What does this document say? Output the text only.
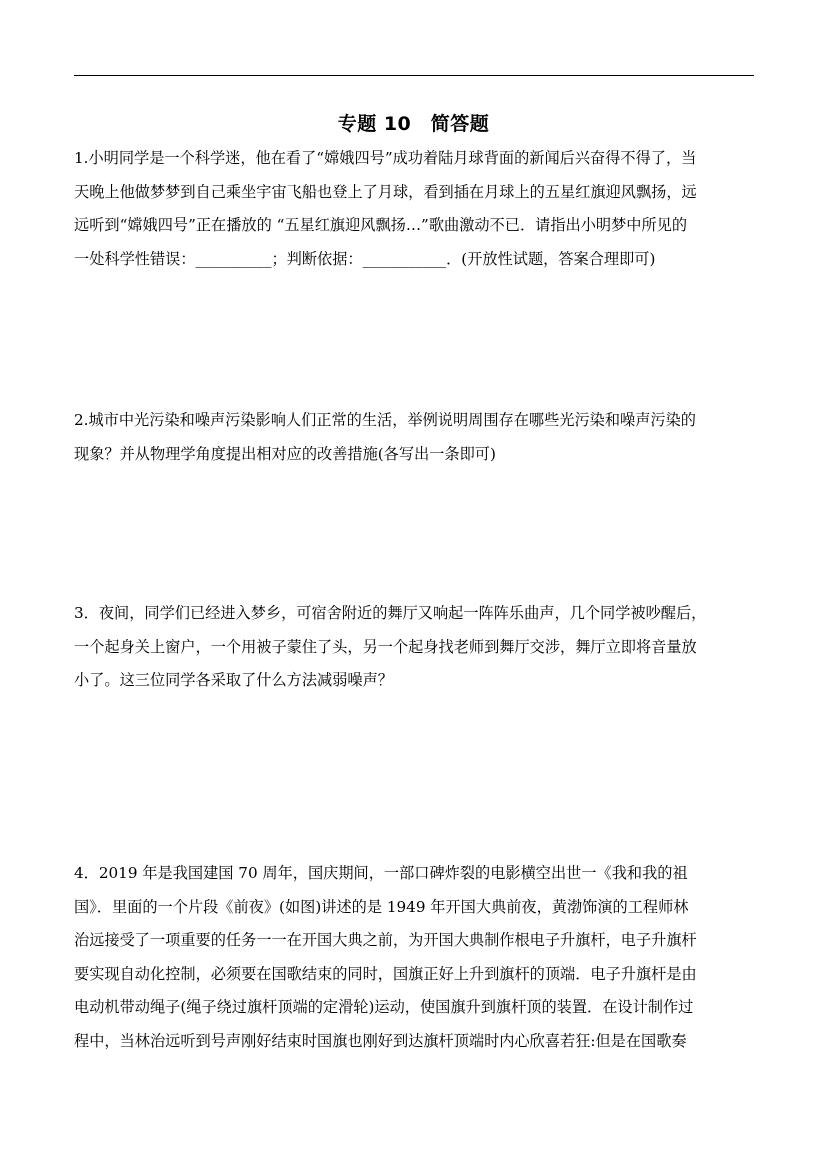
专题 10　简答题

1.小明同学是一个科学迷，他在看了“嫦娥四号”成功着陆月球背面的新闻后兴奋得不得了，当

天晚上他做梦梦到自己乘坐宇宙飞船也登上了月球，看到插在月球上的五星红旗迎风飘扬，远

远听到“嫦娥四号”正在播放的 “五星红旗迎风飘扬…”歌曲激动不已．请指出小明梦中所见的

一处科学性错误：__________；判断依据：___________．(开放性试题，答案合理即可)

2.城市中光污染和噪声污染影响人们正常的生活，举例说明周围存在哪些光污染和噪声污染的

现象？并从物理学角度提出相对应的改善措施(各写出一条即可)

3．夜间，同学们已经进入梦乡，可宿舍附近的舞厅又响起一阵阵乐曲声，几个同学被吵醒后，

一个起身关上窗户，一个用被子蒙住了头，另一个起身找老师到舞厅交涉，舞厅立即将音量放

小了。这三位同学各采取了什么方法减弱噪声？

4．2019 年是我国建国 70 周年，国庆期间，一部口碑炸裂的电影横空出世一《我和我的祖

国》．里面的一个片段《前夜》(如图)讲述的是 1949 年开国大典前夜，黄渤饰演的工程师林

治远接受了一项重要的任务一一在开国大典之前，为开国大典制作根电子升旗杆，电子升旗杆

要实现自动化控制，必须要在国歌结束的同时，国旗正好上升到旗杆的顶端．电子升旗杆是由

电动机带动绳子(绳子绕过旗杆顶端的定滑轮)运动，使国旗升到旗杆顶的装置．在设计制作过

程中，当林治远听到号声刚好结束时国旗也刚好到达旗杆顶端时内心欣喜若狂:但是在国歌奏
